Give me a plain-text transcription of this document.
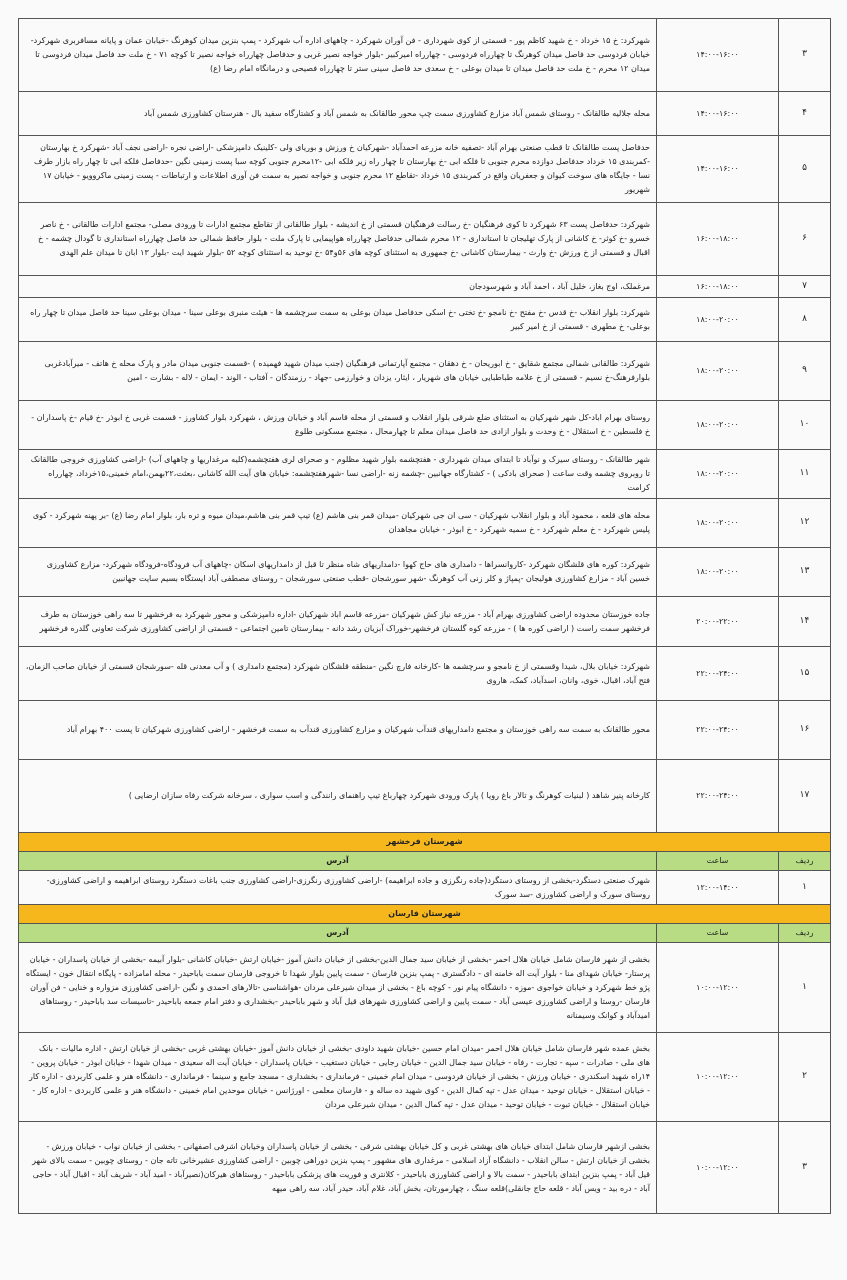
۳	۱۴:۰۰-۱۶:۰۰	شهرکرد: خ ۱۵ خرداد - خ شهید کاظم پور - قسمتی از کوی شهرداری - فن آوران شهرکرد - چاههای اداره آب شهرکرد - پمپ بنزین میدان کوهرنگ -خیابان عمان و پایانه مسافربری شهرکرد- خیابان فردوسی حد فاصل میدان کوهرنگ تا چهارراه فردوسی - چهارراه امیرکبیر -بلوار خواجه نصیر غربی و حدفاصل چهارراه خواجه نصیر تا کوچه ۷۱ - خ ملت حد فاصل میدان فردوسی تا میدان ۱۲ محرم - خ ملت حد فاصل میدان تا میدان بوعلی - خ سعدی حد فاصل سینی ستر تا چهارراه فصیحی و درمانگاه امام رضا (ع)
۴	۱۴:۰۰-۱۶:۰۰	محله جلالیه طالقانک - روستای شمس آباد مزارع کشاورزی سمت چپ محور طالقانک به شمس آباد و کشتارگاه سفید بال - هنرستان کشاورزی شمس آباد
۵	۱۴:۰۰-۱۶:۰۰	حدفاصل پست طالقانک تا قطب صنعتی بهرام آباد -تصفیه خانه مزرعه احمدآباد -شهرکیان خ ورزش و بوریای ولی -کلینیک دامپزشکی -اراضی نجره -اراضی نجف آباد -شهرکرد خ بهارستان -کمربندی ۱۵ خرداد حدفاصل دوازده محرم جنوبی تا فلکه ابی -خ بهارستان تا چهار راه زیر فلکه ابی -۱۲محرم جنوبی کوچه سبا پست زمینی نگین -حدفاصل فلکه ابی تا چهار راه بازار طرف نسا - جایگاه های سوخت کیوان و جعفریان واقع در کمربندی ۱۵ خرداد -تقاطع ۱۲ محرم جنوبی و خواجه نصیر به سمت فن آوری اطلاعات و ارتباطات - پست زمینی ماکروویو - خیابان ۱۷ شهریور
۶	۱۶:۰۰-۱۸:۰۰	شهرکرد: حدفاصل پست ۶۳ شهرکرد تا کوی فرهنگیان -خ رسالت فرهنگیان قسمتی از خ اندیشه - بلوار طالقانی از تقاطع مجتمع ادارات تا ورودی مصلی- مجتمع ادارات طالقانی - خ ناصر خسرو -خ کوثر- خ کاشانی از پارک تهلیجان تا استانداری - ۱۲ محرم شمالی حدفاصل چهارراه هواپیمایی تا پارک ملت - بلوار حافظ شمالی حد فاصل چهارراه استانداری تا گودال چشمه - خ اقبال و قسمتی از خ ورزش -خ وارث - بیمارستان کاشانی -خ جمهوری به استثنای کوچه های ۵۶و۵۴ -خ توحید به استثنای کوچه ۵۲ -بلوار شهید ایت -بلوار ۱۳ ابان تا میدان علم الهدی
۷	۱۶:۰۰-۱۸:۰۰	مرغملک، اوج بغاز، خلیل آباد ، احمد آباد و شهرسودجان
۸	۱۸:۰۰-۲۰:۰۰	شهرکرد: بلوار انقلاب -خ قدس -خ مفتح -خ نامجو -خ تختی -خ اسکی حدفاصل میدان بوعلی به سمت سرچشمه ها - هیئت منبری بوعلی سینا - میدان بوعلی سینا حد فاصل میدان تا چهار راه بوعلی- خ مطهری - قسمتی از خ امیر کبیر
۹	۱۸:۰۰-۲۰:۰۰	شهرکرد: طالقانی شمالی مجتمع شقایق - خ ابوریحان - خ دهقان - مجتمع آپارتمانی فرهنگیان (جنب میدان شهید فهمیده ) -قسمت جنوبی میدان مادر و پارک محله خ هاتف - میرآبادغربی بلوارفرهنگ-خ نسیم - قسمتی از خ علامه طباطبایی خیابان های شهریار ، ایثار، یزدان و خوارزمی -جهاد - رزمندگان - آفتاب - الوند - ایمان - لاله - بشارت - امین
۱۰	۱۸:۰۰-۲۰:۰۰	روستای بهرام اباد-کل شهر شهرکیان به استثنای ضلع شرقی بلوار انقلاب و قسمتی از محله قاسم آباد و خیابان ورزش ، شهرکرد بلوار کشاورز - قسمت غربی خ ابوذر -خ قیام -خ پاسداران - خ فلسطین - خ استقلال - خ وحدت و بلوار ازادی حد فاصل میدان معلم تا چهارمحال ، مجتمع مسکونی طلوع
۱۱	۱۸:۰۰-۲۰:۰۰	شهر طالقانک - روستای سیرک و نوآباد تا ابتدای میدان شهرداری - هفتچشمه بلوار شهید مظلوم - و صحرای لری هفتچشمه(کلیه مرغداریها و چاههای آب) -اراضی کشاورزی خروجی طالقانک تا روبروی چشمه وقت ساعت ( صحرای بادکی ) - کشتارگاه جهانبین -چشمه زنه -اراضی نسا -شهرهفتچشمه: خیابان های آیت الله کاشانی ،بعثت،۲۲بهمن،امام خمینی،۱۵خرداد، چهارراه کرامت
۱۲	۱۸:۰۰-۲۰:۰۰	محله های قلعه ، محمود آباد و بلوار انقلاب شهرکیان - سی ان جی شهرکیان -میدان قمر بنی هاشم (ع) تیپ قمر بنی هاشم،میدان میوه و تره بار، بلوار امام رضا (ع) -بر پهنه شهرکرد - کوی پلیس شهرکرد - خ معلم شهرکرد - خ سمیه شهرکرد - خ ابوذر - خیابان مجاهدان
۱۳	۱۸:۰۰-۲۰:۰۰	شهرکرد: کوره های قلشگان شهرکرد -کاروانسراها - دامداری های حاج کهوا -دامداریهای شاه منظر تا قبل از دامداریهای اسکان -چاههای آب فرودگاه-فرودگاه شهرکرد- مزارع کشاورزی خسین آباد - مزارع کشاورزی هولیجان -پمپاژ و کلر زنی آب کوهرنگ -شهر سورشجان -قطب صنعتی سورشجان - روستای مصطفی آباد ایستگاه بسیم سایت جهانبین
۱۴	۲۰:۰۰-۲۲:۰۰	جاده خوزستان محدوده اراضی کشاورزی بهرام آباد - مزرعه نیاز کش شهرکیان -مزرعه قاسم اباد شهرکیان -اداره دامپزشکی و محور شهرکرد به فرخشهر تا سه راهی خوزستان به طرف فرخشهر سمت راست ( اراضی کوره ها ) - مزرعه کوه گلستان فرخشهر-خوراک آبزیان رشد دانه - بیمارستان تامین اجتماعی - قسمتی از اراضی کشاورزی شرکت تعاونی گلدره فرخشهر
۱۵	۲۲:۰۰-۲۴:۰۰	شهرکرد: خیابان بلال، شیدا وقسمتی از خ نامجو و سرچشمه ها -کارخانه فارچ نگین -منطقه قلشگان شهرکرد (مجتمع دامداری ) و آب معدنی قله -سورشجان قسمتی از خیابان صاحب الزمان، فتح آباد، اقبال، خوی، وانان، اسدآباد، کمک، هاروی
۱۶	۲۲:۰۰-۲۴:۰۰	محور طالقانک به سمت سه راهی خوزستان و مجتمع دامداریهای قندآب شهرکیان و مزارع کشاورزی قندآب به سمت فرخشهر - اراضی کشاورزی شهرکیان تا پست ۴۰۰ بهرام آباد
۱۷	۲۲:۰۰-۲۴:۰۰	کارخانه پنیر شاهد ( لبنیات کوهرنگ و تالار باغ رویا ) پارک ورودی شهرکرد چهارباغ تیپ راهنمای رانندگی و اسب سواری ، سرخانه شرکت رفاه سازان ارضایی )
شهرستان فرخشهر		
ردیف	ساعت	آدرس
۱	۱۲:۰۰-۱۴:۰۰	شهرک صنعتی دستگرد-بخشی از روستای دستگرد(جاده رنگرزی و جاده ابراهیمه) -اراضی کشاورزی رنگرزی-اراضی کشاورزی جنب باغات دستگرد روستای ابراهیمه و اراضی کشاورزی-روستای سورک و اراضی کشاورزی -سد سورک
شهرستان فارسان		
ردیف	ساعت	آدرس
۱	۱۰:۰۰-۱۲:۰۰	بخشی از شهر فارسان شامل خیابان هلال احمر -بخشی از خیابان سید جمال الدین-بخشی از خیابان دانش آموز -خیابان ارتش -خیابان کاشانی -بلوار آبیمه -بخشی از خیابان پاسداران - خیابان پرستار- خیابان شهدای منا - بلوار آیت اله خامنه ای - دادگستری - پمپ بنزین فارسان - سمت پایین بلوار شهدا تا خروجی فارسان سمت باباحیدر - محله امامزاده - پایگاه انتقال خون - ایستگاه پژو خط شهرکرد و خیابان خواجوی -موزه - دانشگاه پیام نور - کوچه باغ - بخشی از میدان شیرعلی مردان -هواشناسی -تالارهای احمدی و نگین -اراضی کشاورزی مزواره و خنایی - فن آوران فارسان -روستا و اراضی کشاورزی عیسی آباد - سمت پایین و اراضی کشاورزی شهرهای قیل آباد و شهر باباحیدر -بخشداری و دفتر امام جمعه باباحیدر -تاسیسات سد باباحیدر - روستاهای امیدآباد و کوانک وسیمنانه
۲	۱۰:۰۰-۱۲:۰۰	بخش عمده شهر فارسان شامل خیابان هلال احمر -میدان امام حسین -خیابان شهید داودی -بخشی از خیابان دانش آموز -خیابان بهشتی غربی -بخشی از خیابان ارتش - اداره مالیات - بانک های ملی - صادرات - سپه - تجارت - رفاه - خیابان سید جمال الدین - خیابان رجایی - خیابان دستغیب - خیابان پاسداران - خیابان آیت اله سعیدی - میدان شهدا - خیابان ابوذر - خیابان پروین - ۱۴راه شهید اسکندری - خیابان ورزش - بخشی از خیابان فردوسی - میدان امام خمینی - فرمانداری - بخشداری - مسجد جامع و سینما - فرمانداری - دانشگاه هنر و علمی کاربردی - اداره کار - خیابان استقلال - خیابان توحید - میدان عدل - تپه کمال الدین - کوی شهید ده ساله و - فارسان معلمی - اورژانس - خیابان موحدین امام خمینی - دانشگاه هنر و علمی کاربردی - اداره کار - خیابان استقلال - خیابان تبوت - خیابان توحید - میدان عدل - تپه کمال الدین - میدان شیرعلی مردان
۳	۱۰:۰۰-۱۲:۰۰	بخشی ازشهر فارسان شامل ابتدای خیابان های بهشتی غربی و کل خیابان بهشتی شرقی - بخشی از خیابان پاسداران وخیابان اشرفی اصفهانی - بخشی از خیابان نواب - خیابان ورزش - بخشی از خیابان ارتش - سالن انقلاب - دانشگاه آزاد اسلامی - مرغداری های مشهور - پمپ بنزین دوراهی چوبین - اراضی کشاورزی عشیرخانی تاته جان - روستای چوبین - سمت بالای شهر قیل آباد - پمپ بنزین ابتدای باباحیدر - سمت بالا و اراضی کشاورزی باباحیدر - کلانتری و فوریت های پزشکی باباحیدر - روستاهای هیرکان(نصیرآباد - امید آباد - شریف آباد - اقبال آباد - حاجی آباد - دره بید - ویس آباد - قلعه حاج جانقلی)قلعه سنگ ، چهارمورتان، بخش آباد، غلام آباد، حیدر آباد، سه راهی میهه
